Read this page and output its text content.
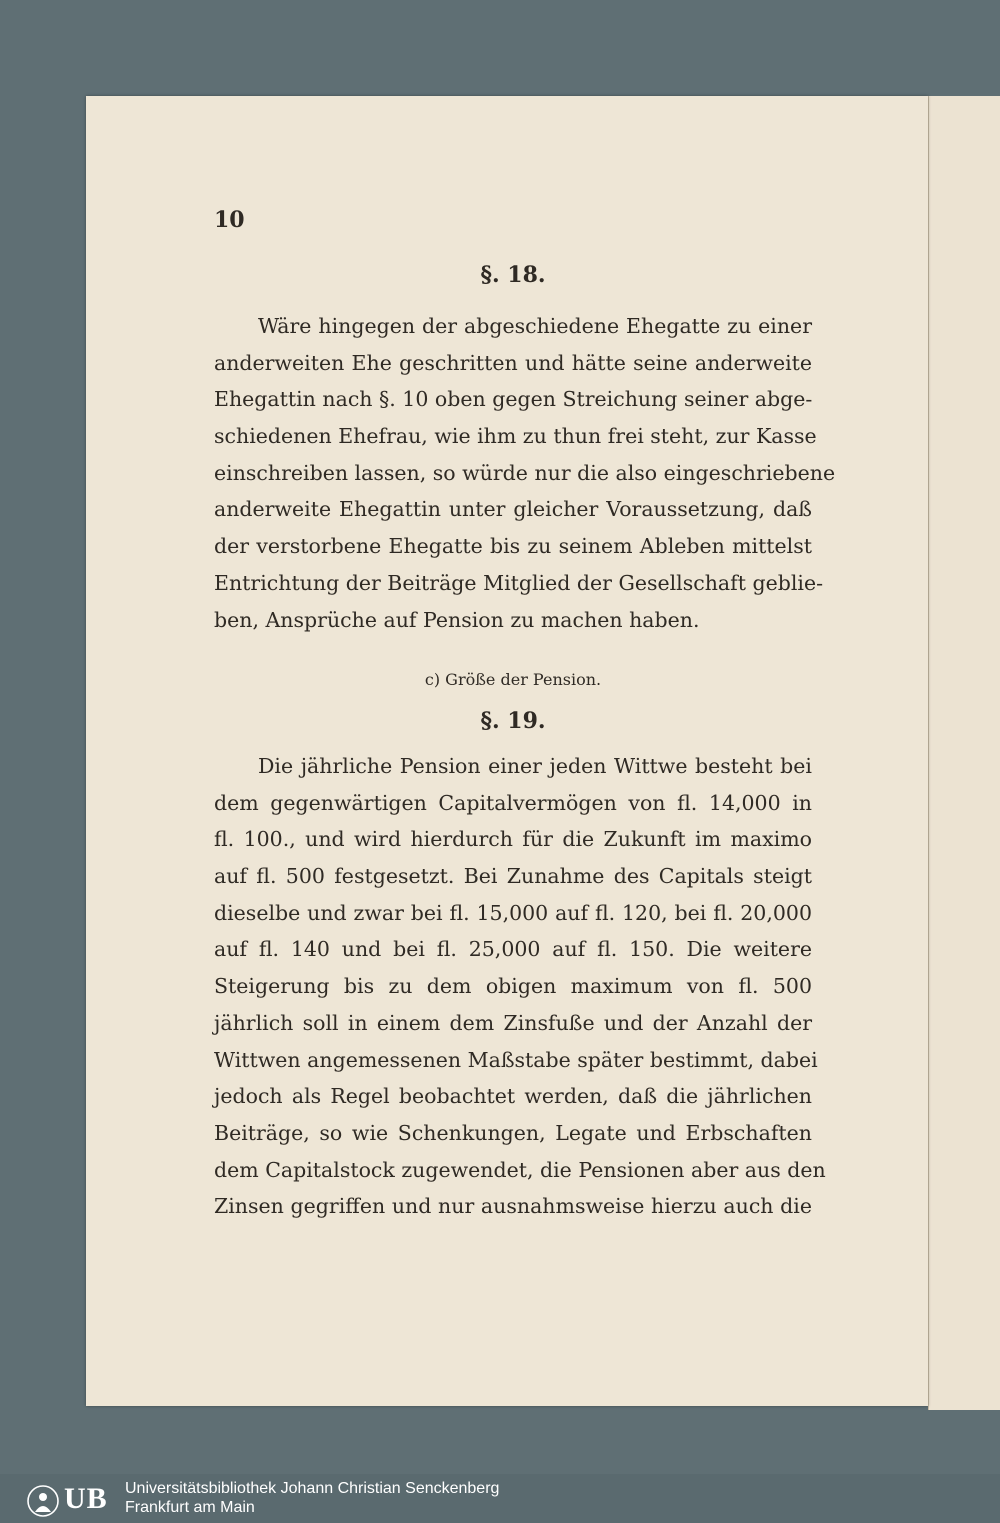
10
§. 18.
Wäre hingegen der abgeschiedene Ehegatte zu einer
anderweiten Ehe geschritten und hätte seine anderweite
Ehegattin nach §. 10 oben gegen Streichung seiner abge-
schiedenen Ehefrau, wie ihm zu thun frei steht, zur Kasse
einschreiben lassen, so würde nur die also eingeschriebene
anderweite Ehegattin unter gleicher Voraussetzung, daß
der verstorbene Ehegatte bis zu seinem Ableben mittelst
Entrichtung der Beiträge Mitglied der Gesellschaft geblie-
ben, Ansprüche auf Pension zu machen haben.
c) Größe der Pension.
§. 19.
Die jährliche Pension einer jeden Wittwe besteht bei
dem gegenwärtigen Capitalvermögen von fl. 14,000 in
fl. 100., und wird hierdurch für die Zukunft im maximo
auf fl. 500 festgesetzt. Bei Zunahme des Capitals steigt
dieselbe und zwar bei fl. 15,000 auf fl. 120, bei fl. 20,000
auf fl. 140 und bei fl. 25,000 auf fl. 150. Die weitere
Steigerung bis zu dem obigen maximum von fl. 500
jährlich soll in einem dem Zinsfuße und der Anzahl der
Wittwen angemessenen Maßstabe später bestimmt, dabei
jedoch als Regel beobachtet werden, daß die jährlichen
Beiträge, so wie Schenkungen, Legate und Erbschaften
dem Capitalstock zugewendet, die Pensionen aber aus den
Zinsen gegriffen und nur ausnahmsweise hierzu auch die
UB Universitätsbibliothek Johann Christian Senckenberg
Frankfurt am Main
